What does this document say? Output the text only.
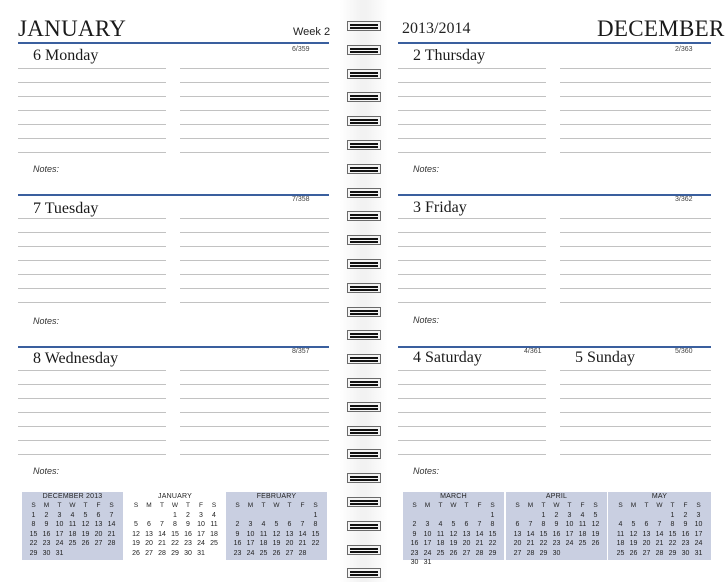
JANUARY	Week 2
6 Monday	6/359
Notes:
7 Tuesday
7/358
Notes:
8 Wednesday	8/357
Notes:
DECEMBER 2013
S	M	T	W	T	F	S
1	2	3	4	5	6	7
8	9	10	11	12	13	14
15	16	17	18	19	20	21
22	23	24	25	26	27	28
29	30	31				
JANUARY
S	M	T	W	T	F	S
			1	2	3	4
5	6	7	8	9	10	11
12	13	14	15	16	17	18
19	20	21	22	23	24	25
26	27	28	29	30	31	
FEBRUARY
S	M	T	W	T	F	S
						1
2	3	4	5	6	7	8
9	10	11	12	13	14	15
16	17	18	19	20	21	22
23	24	25	26	27	28	
2013/2014	DECEMBER
2 Thursday	2/363
Notes:
3 Friday	3/362
Notes:
4 Saturday	4/361 5 Sunday	5/360
Notes:
MARCH
S	M	T	W	T	F	S
						1
2	3	4	5	6	7	8
9	10	11	12	13	14	15
16	17	18	19	20	21	22
23	24	25	26	27	28	29
30	31					
APRIL
S	M	T	W	T	F	S
		1	2	3	4	5
6	7	8	9	10	11	12
13	14	15	16	17	18	19
20	21	22	23	24	25	26
27	28	29	30			
MAY
S	M	T	W	T	F	S
				1	2	3
4	5	6	7	8	9	10
11	12	13	14	15	16	17
18	19	20	21	22	23	24
25	26	27	28	29	30	31
